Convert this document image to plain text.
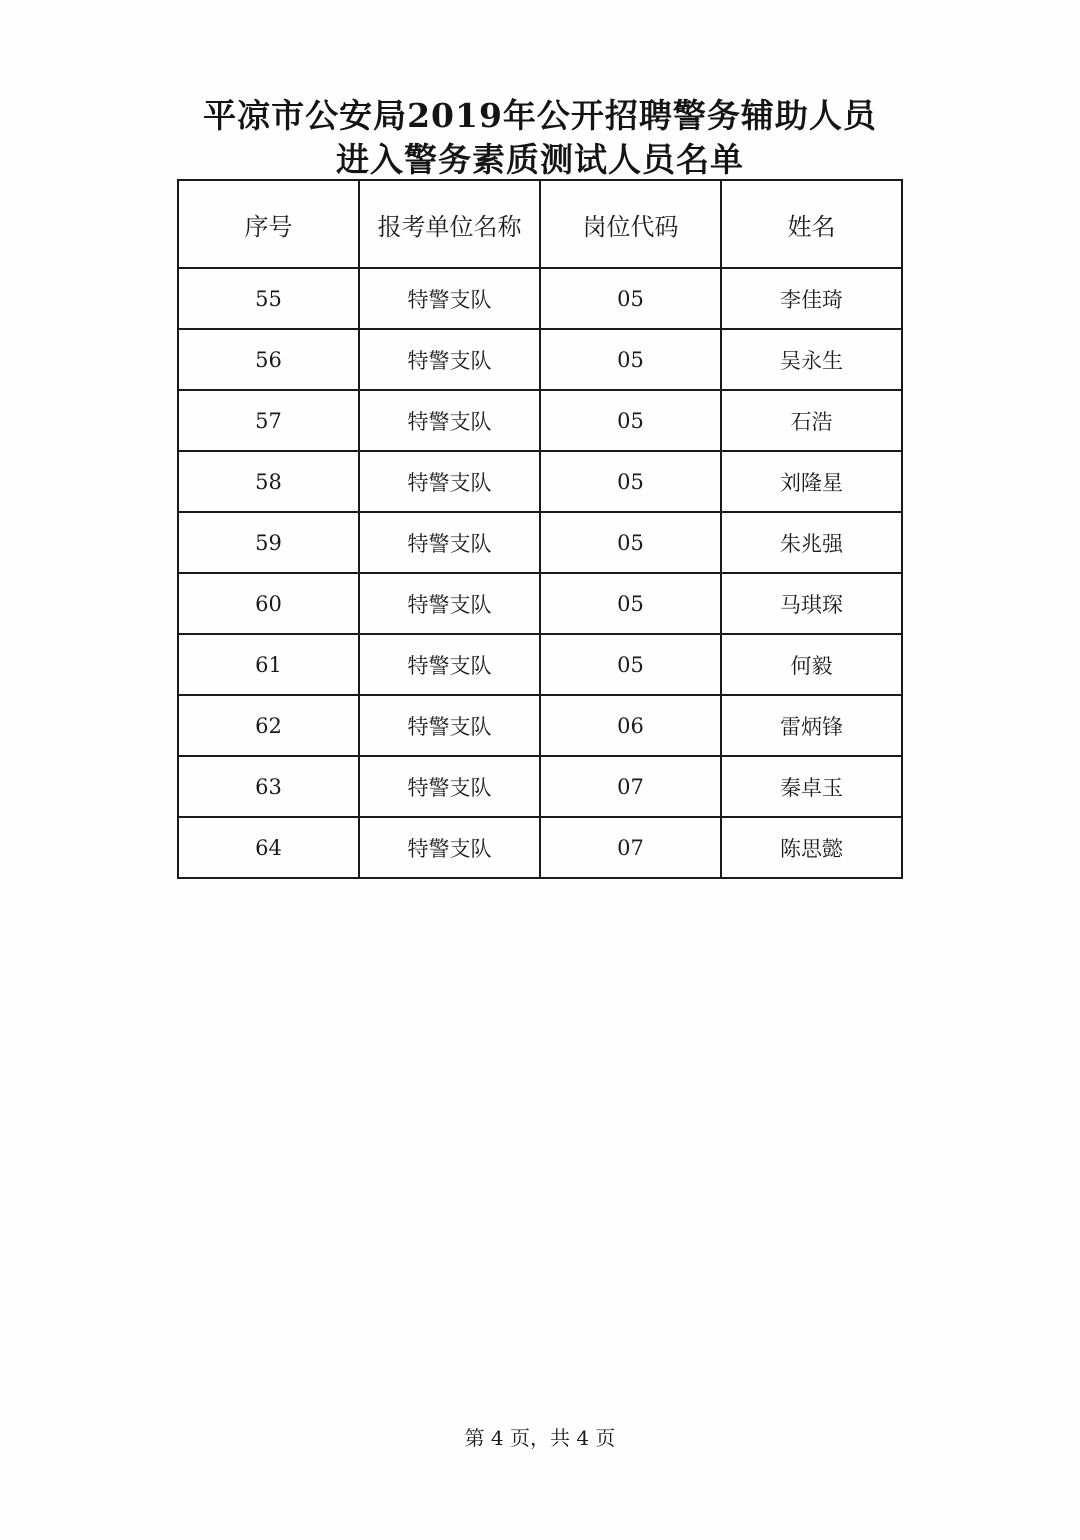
平凉市公安局2019年公开招聘警务辅助人员
进入警务素质测试人员名单
序号	报考单位名称	岗位代码	姓名
55	特警支队	05	李佳琦
56	特警支队	05	吴永生
57	特警支队	05	石浩
58	特警支队	05	刘隆星
59	特警支队	05	朱兆强
60	特警支队	05	马琪琛
61	特警支队	05	何毅
62	特警支队	06	雷炳锋
63	特警支队	07	秦卓玉
64	特警支队	07	陈思懿
第 4 页，共 4 页
